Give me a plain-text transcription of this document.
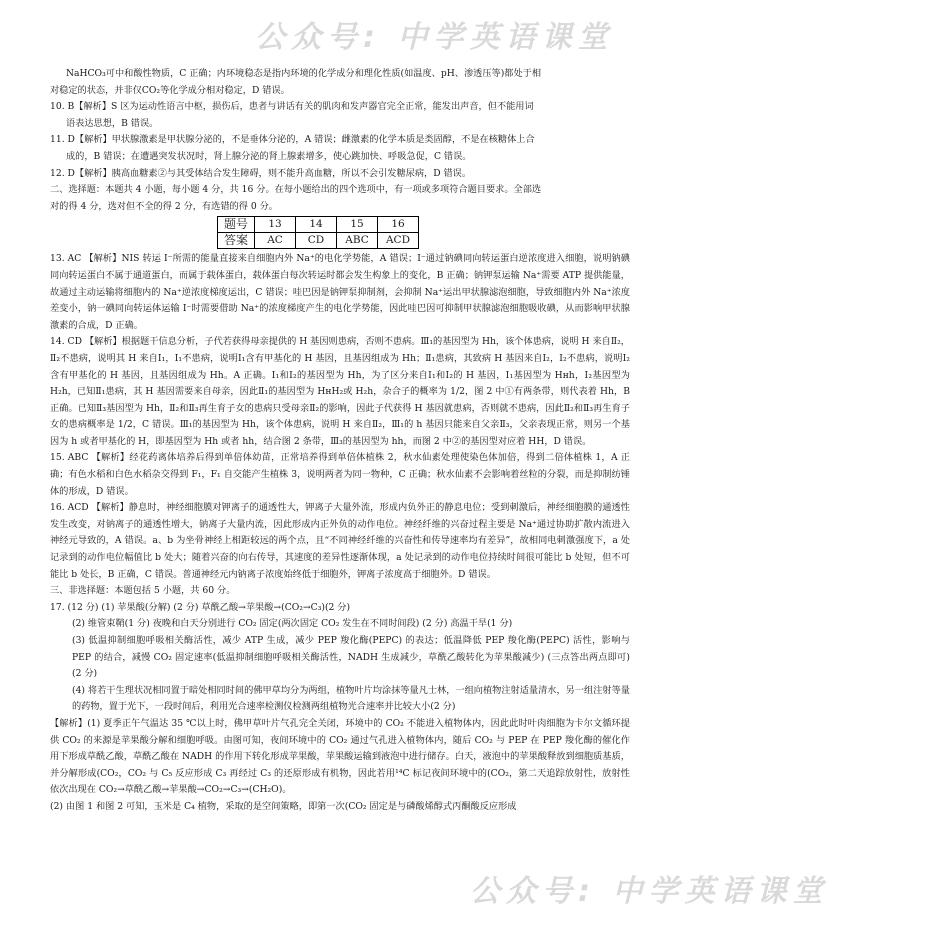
公众号: 中学英语课堂

NaHCO₃可中和酸性物质，C 正确；内环境稳态是指内环境的化学成分和理化性质(如温度、pH、渗透压等)都处于相

对稳定的状态，并非仅CO₂等化学成分相对稳定，D 错误。

10. B【解析】S 区为运动性语言中枢，损伤后，患者与讲话有关的肌肉和发声器官完全正常，能发出声音，但不能用词

语表达思想，B 错误。

11. D【解析】甲状腺激素是甲状腺分泌的，不是垂体分泌的，A 错误；雌激素的化学本质是类固醇，不是在核糖体上合

成的，B 错误；在遭遇突发状况时，肾上腺分泌的肾上腺素增多，使心跳加快、呼吸急促，C 错误。

12. D【解析】胰高血糖素②与其受体结合发生障碍，则不能升高血糖，所以不会引发糖尿病，D 错误。

二、选择题：本题共 4 小题，每小题 4 分，共 16 分。在每小题给出的四个选项中，有一项或多项符合题目要求。全部选

对的得 4 分，选对但不全的得 2 分，有选错的得 0 分。

题号	13	14	15	16
答案	AC	CD	ABC	ACD

13. AC 【解析】NIS 转运 I⁻所需的能量直接来自细胞内外 Na⁺的电化学势能，A 错误；I⁻通过钠碘同向转运蛋白逆浓度进入细胞，说明钠碘同向转运蛋白不属于通道蛋白，而属于载体蛋白，载体蛋白每次转运时都会发生构象上的变化，B 正确；钠钾泵运输 Na⁺需要 ATP 提供能量，故通过主动运输将细胞内的 Na⁺逆浓度梯度运出，C 错误；哇巴因是钠钾泵抑制剂，会抑制 Na⁺运出甲状腺滤泡细胞，导致细胞内外 Na⁺浓度差变小，钠一碘同向转运体运输 I⁻时需要借助 Na⁺的浓度梯度产生的电化学势能，因此哇巴因可抑制甲状腺滤泡细胞吸收碘，从而影响甲状腺激素的合成，D 正确。

14. CD 【解析】根据题干信息分析，子代若获得母亲提供的 H 基因则患病，否则不患病。Ⅲ₁的基因型为 Hh，该个体患病，说明 H 来自Ⅱ₂，Ⅱ₂不患病，说明其 H 来自Ⅰ₁，Ⅰ₁不患病，说明Ⅰ₁含有甲基化的 H 基因，且基因组成为 Hh；Ⅱ₁患病，其致病 H 基因来自Ⅰ₂，Ⅰ₂不患病，说明Ⅰ₂含有甲基化的 H 基因，且基因组成为 Hh。A 正确。Ⅰ₁和Ⅰ₂的基因型为 Hh，为了区分来自Ⅰ₁和Ⅰ₂的 H 基因，Ⅰ₁基因型为 Hʜh，Ⅰ₂基因型为 H₂h，已知Ⅱ₁患病，其 H 基因需要来自母亲，因此Ⅱ₁的基因型为 HʜH₂或 H₂h，杂合子的概率为 1/2，图 2 中①有两条带，则代表着 Hh，B 正确。已知Ⅱ₃基因型为 Hh，Ⅱ₂和Ⅱ₃再生育子女的患病只受母亲Ⅱ₂的影响，因此子代获得 H 基因就患病，否则就不患病，因此Ⅱ₂和Ⅱ₃再生育子女的患病概率是 1/2，C 错误。Ⅲ₁的基因型为 Hh，该个体患病，说明 H 来自Ⅱ₂，Ⅲ₁的 h 基因只能来自父亲Ⅱ₃，父亲表现正常，则另一个基因为 h 或者甲基化的 H，即基因型为 Hh 或者 hh，结合图 2 条带，Ⅲ₃的基因型为 hh，而图 2 中②的基因型对应着 HH，D 错误。

15. ABC 【解析】经花药离体培养后得到单倍体幼苗，正常培养得到单倍体植株 2，秋水仙素处理使染色体加倍，得到二倍体植株 1，A 正确；有色水稻和白色水稻杂交得到 F₁，F₁ 自交能产生植株 3，说明两者为同一物种，C 正确；秋水仙素不会影响着丝粒的分裂，而是抑制纺锤体的形成，D 错误。

16. ACD 【解析】静息时，神经细胞膜对钾离子的通透性大，钾离子大量外流，形成内负外正的静息电位；受到刺激后，神经细胞膜的通透性发生改变，对钠离子的通透性增大，钠离子大量内流，因此形成内正外负的动作电位。神经纤维的兴奋过程主要是 Na⁺通过协助扩散内流进入神经元导致的，A 错误。a、b 为坐骨神经上相距较远的两个点，且“不同神经纤维的兴奋性和传导速率均有差异”，故相同电刺激强度下，a 处记录到的动作电位幅值比 b 处大；随着兴奋的向右传导，其速度的差异性逐渐体现，a 处记录到的动作电位持续时间很可能比 b 处短，但不可能比 b 处长，B 正确，C 错误。普通神经元内钠离子浓度始终低于细胞外，钾离子浓度高于细胞外。D 错误。

三、非选择题：本题包括 5 小题，共 60 分。

17. (12 分) (1) 苹果酸(分解) (2 分) 草酰乙酸→苹果酸→(CO₂→C₃)(2 分)

(2) 维管束鞘(1 分) 夜晚和白天分别进行 CO₂ 固定(两次固定 CO₂ 发生在不同时间段) (2 分) 高温干旱(1 分)

(3) 低温抑制细胞呼吸相关酶活性，减少 ATP 生成，减少 PEP 羧化酶(PEPC) 的表达；低温降低 PEP 羧化酶(PEPC) 活性，影响与 PEP 的结合，减慢 CO₂ 固定速率(低温抑制细胞呼吸相关酶活性，NADH 生成减少，草酰乙酸转化为苹果酸减少) (三点答出两点即可) (2 分)

(4) 将若干生理状况相同置于暗处相同时间的佛甲草均分为两组，植物叶片均涂抹等量凡士林，一组向植物注射适量清水，另一组注射等量的药物，置于光下，一段时间后，利用光合速率检测仪检测两组植物光合速率并比较大小(2 分)

【解析】(1) 夏季正午气温达 35 ℃以上时，佛甲草叶片气孔完全关闭，环境中的 CO₂ 不能进入植物体内，因此此时叶肉细胞为卡尔文循环提供 CO₂ 的来源是苹果酸分解和细胞呼吸。由图可知，夜间环境中的 CO₂ 通过气孔进入植物体内，随后 CO₂ 与 PEP 在 PEP 羧化酶的催化作用下形成草酰乙酸，草酰乙酸在 NADH 的作用下转化形成苹果酸，苹果酸运输到液泡中进行储存。白天，液泡中的苹果酸释放到细胞质基质，并分解形成(CO₂，CO₂ 与 C₅ 反应形成 C₃ 再经过 C₃ 的还原形成有机物，因此若用¹⁴C 标记夜间环境中的(CO₂，第二天追踪放射性，放射性依次出现在 CO₂→草酰乙酸→苹果酸→CO₂→C₃→(CH₂O)。

(2) 由图 1 和图 2 可知，玉米是 C₄ 植物，采取的是空间策略，即第一次(CO₂ 固定是与磷酸烯醇式丙酮酸反应形成

公众号: 中学英语课堂
